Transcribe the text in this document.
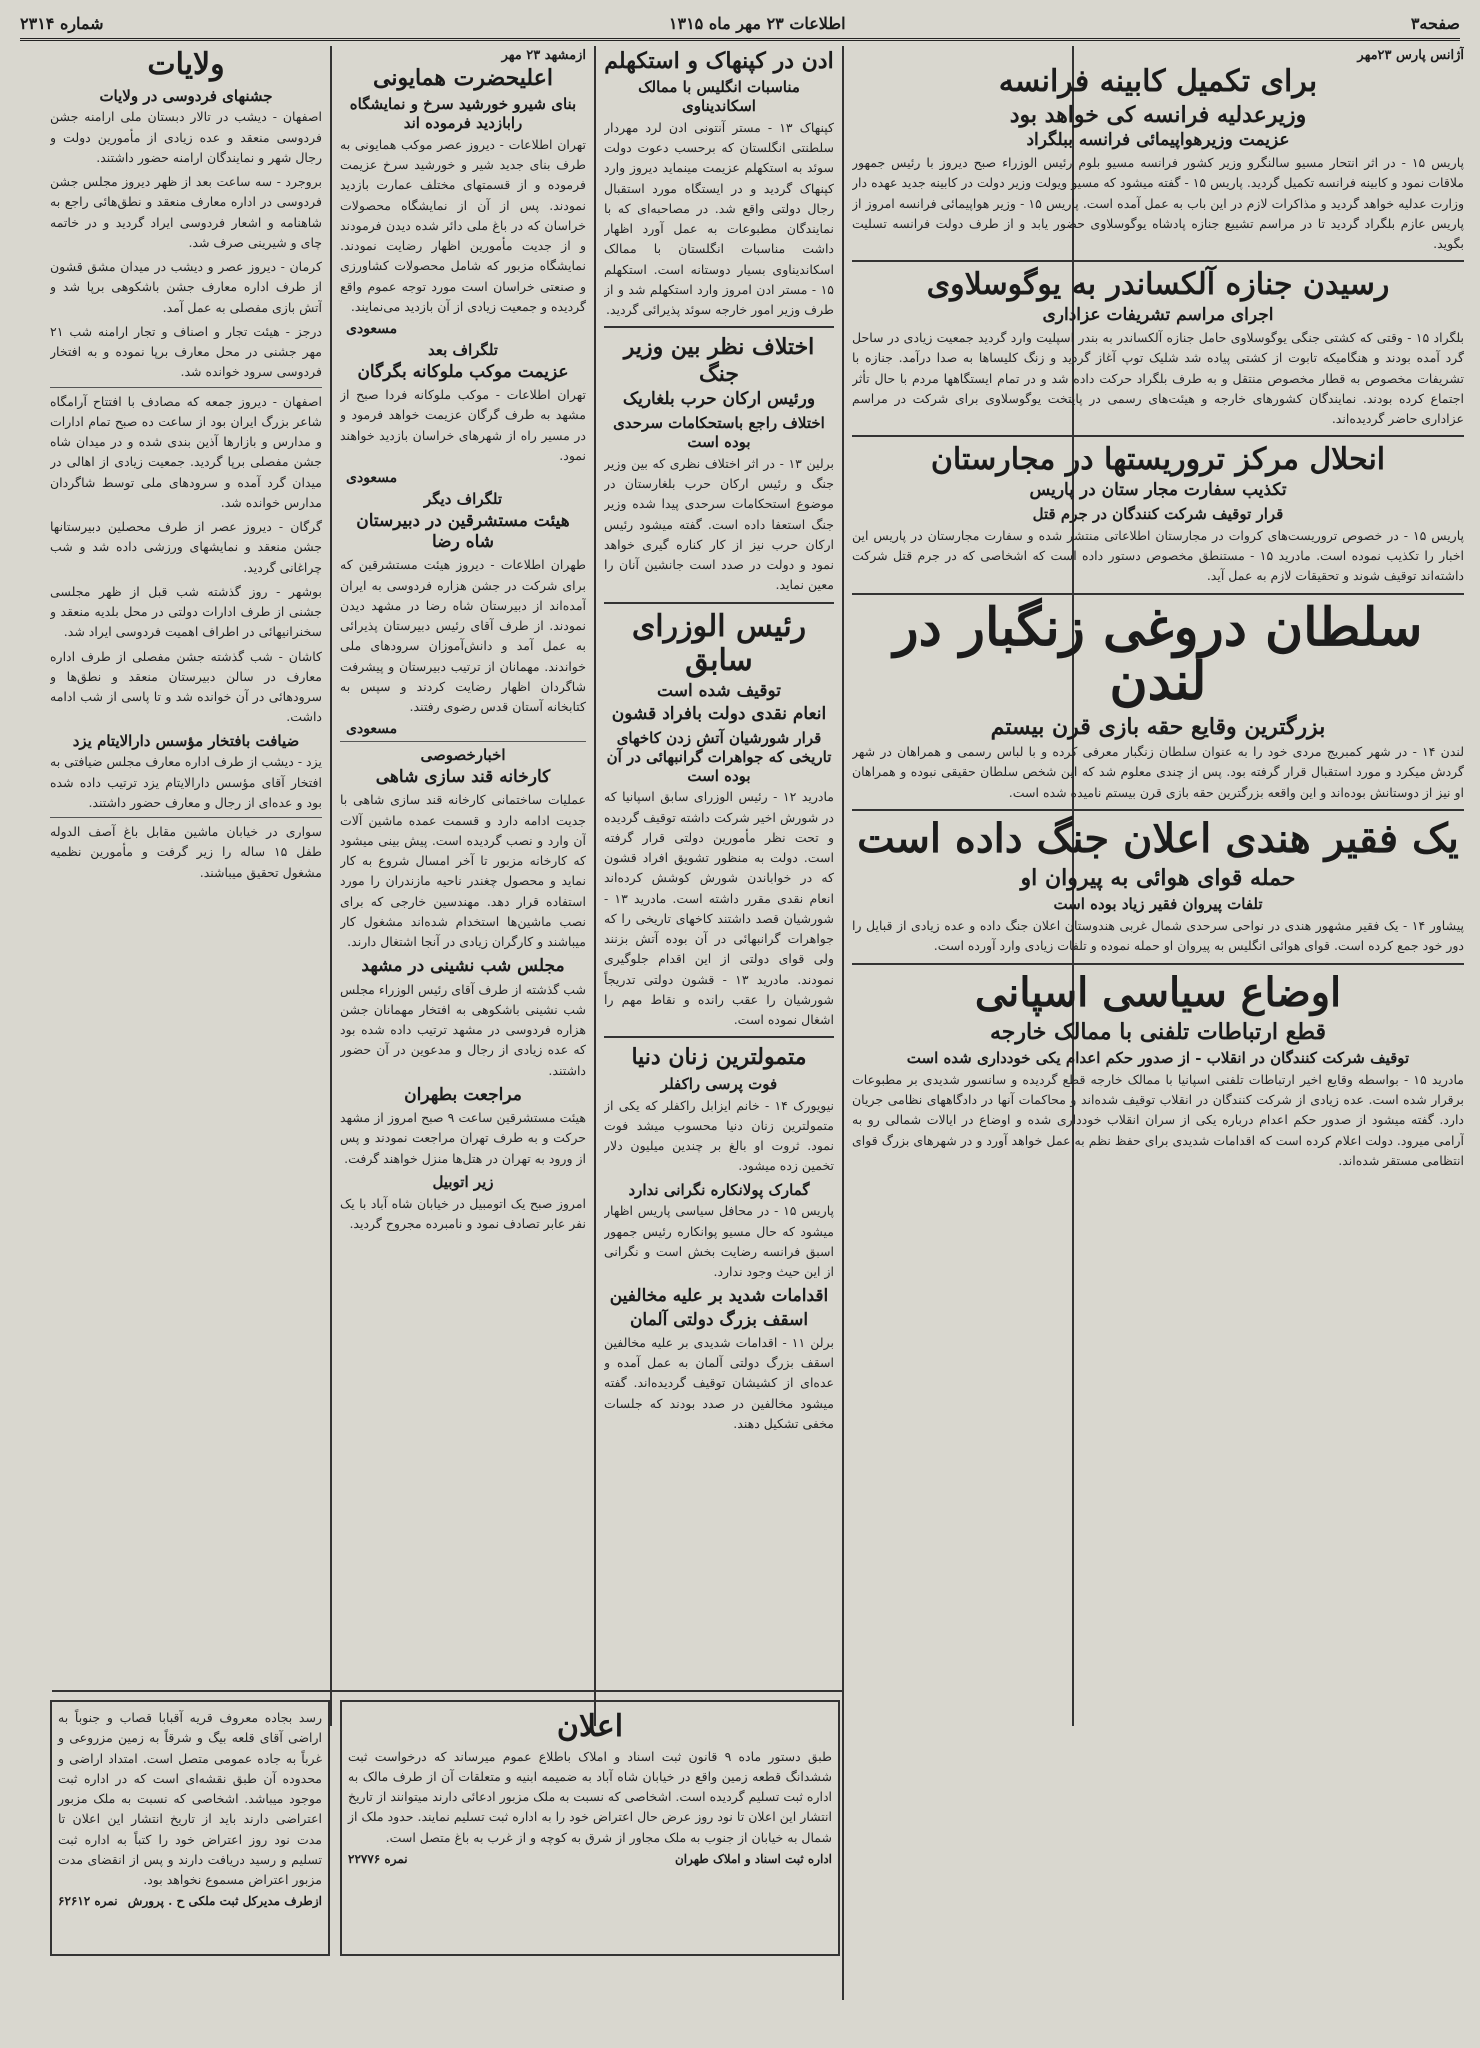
صفحه۳
اطلاعات ۲۳ مهر ماه ۱۳۱۵
شماره ۲۳۱۴
آژانس پارس ۲۳مهر
برای تکمیل کابینه فرانسه
وزیرعدلیه فرانسه کی خواهد بود
عزیمت وزیرهواپیمائی فرانسه ببلگراد

پاریس ۱۵ - در اثر انتحار مسیو سالنگرو وزیر کشور فرانسه مسیو بلوم رئیس الوزراء صبح دیروز با رئیس جمهور ملاقات نمود و کابینه فرانسه تکمیل گردید. پاریس ۱۵ - گفته میشود که مسیو ویولت وزیر دولت در کابینه جدید عهده دار وزارت عدلیه خواهد گردید و مذاکرات لازم در این باب به عمل آمده است. پاریس ۱۵ - وزیر هواپیمائی فرانسه امروز از پاریس عازم بلگراد گردید تا در مراسم تشییع جنازه پادشاه یوگوسلاوی حضور یابد و از طرف دولت فرانسه تسلیت بگوید.

رسیدن جنازه آلکساندر به یوگوسلاوی
اجرای مراسم تشریفات عزاداری

بلگراد ۱۵ - وقتی که کشتی جنگی یوگوسلاوی حامل جنازه آلکساندر به بندر اسپلیت وارد گردید جمعیت زیادی در ساحل گرد آمده بودند و هنگامیکه تابوت از کشتی پیاده شد شلیک توپ آغاز گردید و زنگ کلیساها به صدا درآمد. جنازه با تشریفات مخصوص به قطار مخصوص منتقل و به طرف بلگراد حرکت داده شد و در تمام ایستگاهها مردم با حال تأثر اجتماع کرده بودند. نمایندگان کشورهای خارجه و هیئت‌های رسمی در پایتخت یوگوسلاوی برای شرکت در مراسم عزاداری حاضر گردیده‌اند.

انحلال مرکز تروریستها در مجارستان
تکذیب سفارت مجار ستان در پاریس
قرار توقیف شرکت کنندگان در جرم قتل

پاریس ۱۵ - در خصوص تروریست‌های کروات در مجارستان اطلاعاتی منتشر شده و سفارت مجارستان در پاریس این اخبار را تکذیب نموده است. مادرید ۱۵ - مستنطق مخصوص دستور داده است که اشخاصی که در جرم قتل شرکت داشته‌اند توقیف شوند و تحقیقات لازم به عمل آید.

سلطان دروغی زنگبار در لندن
بزرگترین وقایع حقه بازی قرن بیستم

لندن ۱۴ - در شهر کمبریج مردی خود را به عنوان سلطان زنگبار معرفی کرده و با لباس رسمی و همراهان در شهر گردش میکرد و مورد استقبال قرار گرفته بود. پس از چندی معلوم شد که این شخص سلطان حقیقی نبوده و همراهان او نیز از دوستانش بوده‌اند و این واقعه بزرگترین حقه بازی قرن بیستم نامیده شده است.

یک فقیر هندی اعلان جنگ داده است
حمله قوای هوائی به پیروان او
تلفات پیروان فقیر زیاد بوده است

پیشاور ۱۴ - یک فقیر مشهور هندی در نواحی سرحدی شمال غربی هندوستان اعلان جنگ داده و عده زیادی از قبایل را دور خود جمع کرده است. قوای هوائی انگلیس به پیروان او حمله نموده و تلفات زیادی وارد آورده است.

اوضاع سیاسی اسپانی
قطع ارتباطات تلفنی با ممالک خارجه
توقیف شرکت کنندگان در انقلاب - از صدور حکم اعدام یکی خودداری شده است

مادرید ۱۵ - بواسطه وقایع اخیر ارتباطات تلفنی اسپانیا با ممالک خارجه قطع گردیده و سانسور شدیدی بر مطبوعات برقرار شده است. عده زیادی از شرکت کنندگان در انقلاب توقیف شده‌اند و محاکمات آنها در دادگاههای نظامی جریان دارد. گفته میشود از صدور حکم اعدام درباره یکی از سران انقلاب خودداری شده و اوضاع در ایالات شمالی رو به آرامی میرود. دولت اعلام کرده است که اقدامات شدیدی برای حفظ نظم به عمل خواهد آورد و در شهرهای بزرگ قوای انتظامی مستقر شده‌اند.

ادن در کپنهاک و استکهلم
مناسبات انگلیس با ممالک اسکاندیناوی

کپنهاک ۱۳ - مستر آنتونی ادن لرد مهردار سلطنتی انگلستان که برحسب دعوت دولت سوئد به استکهلم عزیمت مینماید دیروز وارد کپنهاک گردید و در ایستگاه مورد استقبال رجال دولتی واقع شد. در مصاحبه‌ای که با نمایندگان مطبوعات به عمل آورد اظهار داشت مناسبات انگلستان با ممالک اسکاندیناوی بسیار دوستانه است. استکهلم ۱۵ - مستر ادن امروز وارد استکهلم شد و از طرف وزیر امور خارجه سوئد پذیرائی گردید.

اختلاف نظر بین وزیر جنگ
ورئیس ارکان حرب بلغاریک
اختلاف راجع باستحکامات سرحدی بوده است

برلین ۱۳ - در اثر اختلاف نظری که بین وزیر جنگ و رئیس ارکان حرب بلغارستان در موضوع استحکامات سرحدی پیدا شده وزیر جنگ استعفا داده است. گفته میشود رئیس ارکان حرب نیز از کار کناره گیری خواهد نمود و دولت در صدد است جانشین آنان را معین نماید.

رئیس الوزرای سابق
توقیف شده است
انعام نقدی دولت بافراد قشون
قرار شورشیان آتش زدن کاخهای تاریخی که جواهرات گرانبهائی در آن بوده است

مادرید ۱۲ - رئیس الوزرای سابق اسپانیا که در شورش اخیر شرکت داشته توقیف گردیده و تحت نظر مأمورین دولتی قرار گرفته است. دولت به منظور تشویق افراد قشون که در خواباندن شورش کوشش کرده‌اند انعام نقدی مقرر داشته است. مادرید ۱۳ - شورشیان قصد داشتند کاخهای تاریخی را که جواهرات گرانبهائی در آن بوده آتش بزنند ولی قوای دولتی از این اقدام جلوگیری نمودند. مادرید ۱۳ - قشون دولتی تدریجاً شورشیان را عقب رانده و نقاط مهم را اشغال نموده است.

متمولترین زنان دنیا
فوت پرسی راکفلر

نیویورک ۱۴ - خانم ایزابل راکفلر که یکی از متمولترین زنان دنیا محسوب میشد فوت نمود. ثروت او بالغ بر چندین میلیون دلار تخمین زده میشود.

گمارک پولانکاره نگرانی ندارد

پاریس ۱۵ - در محافل سیاسی پاریس اظهار میشود که حال مسیو پوانکاره رئیس جمهور اسبق فرانسه رضایت بخش است و نگرانی از این حیث وجود ندارد.

اقدامات شدید بر علیه مخالفین
اسقف بزرگ دولتی آلمان

برلن ۱۱ - اقدامات شدیدی بر علیه مخالفین اسقف بزرگ دولتی آلمان به عمل آمده و عده‌ای از کشیشان توقیف گردیده‌اند. گفته میشود مخالفین در صدد بودند که جلسات مخفی تشکیل دهند.

ازمشهد ۲۳ مهر
اعلیحضرت همایونی
بنای شیرو خورشید سرخ و نمایشگاه رابازدید فرموده اند

تهران اطلاعات - دیروز عصر موکب همایونی به طرف بنای جدید شیر و خورشید سرخ عزیمت فرموده و از قسمتهای مختلف عمارت بازدید نمودند. پس از آن از نمایشگاه محصولات خراسان که در باغ ملی دائر شده دیدن فرمودند و از جدیت مأمورین اظهار رضایت نمودند. نمایشگاه مزبور که شامل محصولات کشاورزی و صنعتی خراسان است مورد توجه عموم واقع گردیده و جمعیت زیادی از آن بازدید می‌نمایند.

مسعودی
تلگراف بعد
عزیمت موکب ملوکانه بگرگان

تهران اطلاعات - موکب ملوکانه فردا صبح از مشهد به طرف گرگان عزیمت خواهد فرمود و در مسیر راه از شهرهای خراسان بازدید خواهند نمود.

مسعودی
تلگراف دیگر
هیئت مستشرقین در دبیرستان شاه رضا

طهران اطلاعات - دیروز هیئت مستشرقین که برای شرکت در جشن هزاره فردوسی به ایران آمده‌اند از دبیرستان شاه رضا در مشهد دیدن نمودند. از طرف آقای رئیس دبیرستان پذیرائی به عمل آمد و دانش‌آموزان سرودهای ملی خواندند. مهمانان از ترتیب دبیرستان و پیشرفت شاگردان اظهار رضایت کردند و سپس به کتابخانه آستان قدس رضوی رفتند.

مسعودی
اخبارخصوصی
کارخانه قند سازی شاهی

عملیات ساختمانی کارخانه قند سازی شاهی با جدیت ادامه دارد و قسمت عمده ماشین آلات آن وارد و نصب گردیده است. پیش بینی میشود که کارخانه مزبور تا آخر امسال شروع به کار نماید و محصول چغندر ناحیه مازندران را مورد استفاده قرار دهد. مهندسین خارجی که برای نصب ماشین‌ها استخدام شده‌اند مشغول کار میباشند و کارگران زیادی در آنجا اشتغال دارند.

مجلس شب نشینی در مشهد

شب گذشته از طرف آقای رئیس الوزراء مجلس شب نشینی باشکوهی به افتخار مهمانان جشن هزاره فردوسی در مشهد ترتیب داده شده بود که عده زیادی از رجال و مدعوین در آن حضور داشتند.

مراجعت بطهران

هیئت مستشرقین ساعت ۹ صبح امروز از مشهد حرکت و به طرف تهران مراجعت نمودند و پس از ورود به تهران در هتل‌ها منزل خواهند گرفت.

زیر اتوبیل

امروز صبح یک اتومبیل در خیابان شاه آباد با یک نفر عابر تصادف نمود و نامبرده مجروح گردید.

ولایات
جشنهای فردوسی در ولایات

اصفهان - دیشب در تالار دبستان ملی ارامنه جشن فردوسی منعقد و عده زیادی از مأمورین دولت و رجال شهر و نمایندگان ارامنه حضور داشتند.

بروجرد - سه ساعت بعد از ظهر دیروز مجلس جشن فردوسی در اداره معارف منعقد و نطق‌هائی راجع به شاهنامه و اشعار فردوسی ایراد گردید و در خاتمه چای و شیرینی صرف شد.

کرمان - دیروز عصر و دیشب در میدان مشق قشون از طرف اداره معارف جشن باشکوهی برپا شد و آتش بازی مفصلی به عمل آمد.

درجز - هیئت تجار و اصناف و تجار ارامنه شب ۲۱ مهر جشنی در محل معارف برپا نموده و به افتخار فردوسی سرود خوانده شد.

اصفهان - دیروز جمعه که مصادف با افتتاح آرامگاه شاعر بزرگ ایران بود از ساعت ده صبح تمام ادارات و مدارس و بازارها آذین بندی شده و در میدان شاه جشن مفصلی برپا گردید. جمعیت زیادی از اهالی در میدان گرد آمده و سرودهای ملی توسط شاگردان مدارس خوانده شد.

گرگان - دیروز عصر از طرف محصلین دبیرستانها جشن منعقد و نمایشهای ورزشی داده شد و شب چراغانی گردید.

بوشهر - روز گذشته شب قبل از ظهر مجلسی جشنی از طرف ادارات دولتی در محل بلدیه منعقد و سخنرانیهائی در اطراف اهمیت فردوسی ایراد شد.

کاشان - شب گذشته جشن مفصلی از طرف اداره معارف در سالن دبیرستان منعقد و نطق‌ها و سرودهائی در آن خوانده شد و تا پاسی از شب ادامه داشت.

ضیافت بافتخار مؤسس دارالایتام یزد

یزد - دیشب از طرف اداره معارف مجلس ضیافتی به افتخار آقای مؤسس دارالایتام یزد ترتیب داده شده بود و عده‌ای از رجال و معارف حضور داشتند.

سواری در خیابان ماشین مقابل باغ آصف الدوله طفل ۱۵ ساله را زیر گرفت و مأمورین نظمیه مشغول تحقیق میباشند.

اعلان

طبق دستور ماده ۹ قانون ثبت اسناد و املاک باطلاع عموم میرساند که درخواست ثبت ششدانگ قطعه زمین واقع در خیابان شاه آباد به ضمیمه ابنیه و متعلقات آن از طرف مالک به اداره ثبت تسلیم گردیده است. اشخاصی که نسبت به ملک مزبور ادعائی دارند میتوانند از تاریخ انتشار این اعلان تا نود روز عرض حال اعتراض خود را به اداره ثبت تسلیم نمایند. حدود ملک از شمال به خیابان از جنوب به ملک مجاور از شرق به کوچه و از غرب به باغ متصل است.

اداره ثبت اسناد و املاک طهران
نمره ۲۲۷۷۶

رسد بجاده معروف قریه آقبابا قصاب و جنوباً به اراضی آقای قلعه بیگ و شرقاً به زمین مزروعی و غرباً به جاده عمومی متصل است. امتداد اراضی و محدوده آن طبق نقشه‌ای است که در اداره ثبت موجود میباشد. اشخاصی که نسبت به ملک مزبور اعتراضی دارند باید از تاریخ انتشار این اعلان تا مدت نود روز اعتراض خود را کتباً به اداره ثبت تسلیم و رسید دریافت دارند و پس از انقضای مدت مزبور اعتراض مسموع نخواهد بود.

ازطرف مدیرکل ثبت ملکی ح . پرورش
نمره ۶۲۶۱۲
